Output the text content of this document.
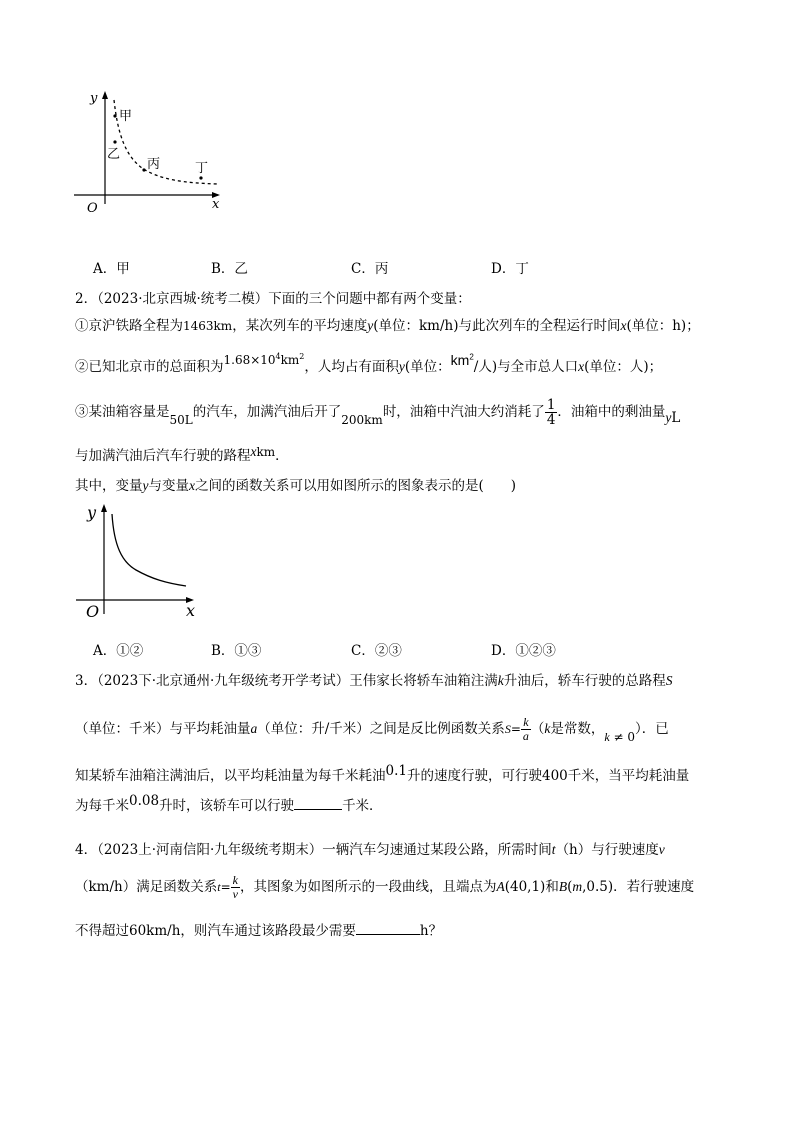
y
x
O
甲
乙
丙	丁
A．甲	B．乙	C．丙	D．丁
2．（2023·北京西城·统考二模）下面的三个问题中都有两个变量：
①京沪铁路全程为1463km，某次列车的平均速度y(单位：km/h)与此次列车的全程运行时间x(单位：h)；
②已知北京市的总面积为$1.68\times 10^4km^2$，人均占有面积y(单位：$km^2/$人)与全市总人口x(单位：人)；
③某油箱容量是50L的汽车，加满汽油后开了200km时，油箱中汽油大约消耗了 $\frac{1}{4}$ ．油箱中的剩油量yL
与加满汽油后汽车行驶的路程xkm．
其中，变量y与变量x之间的函数关系可以用如图所示的图象表示的是(　　)
y
x
O
A．①②	B．①③	C．②③	D．①②③
3．（2023下·北京通州·九年级统考开学考试）王伟家长将轿车油箱注满k升油后，轿车行驶的总路程S
（单位：千米）与平均耗油量a（单位：升/千米）之间是反比例函数关系$S= \frac{k}{a} (k$是常数，k ≠ 0）．已
知某轿车油箱注满油后，以平均耗油量为每千米耗油0.1升的速度行驶，可行驶400千米，当平均耗油量
为每千米0.08升时，该轿车可以行驶	千米．
4．（2023上·河南信阳·九年级统考期末）一辆汽车匀速通过某段公路，所需时间t（h）与行驶速度v
（km/h）满足函数关系$t= \frac{k}{v}$ ，其图象为如图所示的一段曲线，且端点为A(40,1)和B(m,0.5)．若行驶速度
不得超过60km/h，则汽车通过该路段最少需要	h？
